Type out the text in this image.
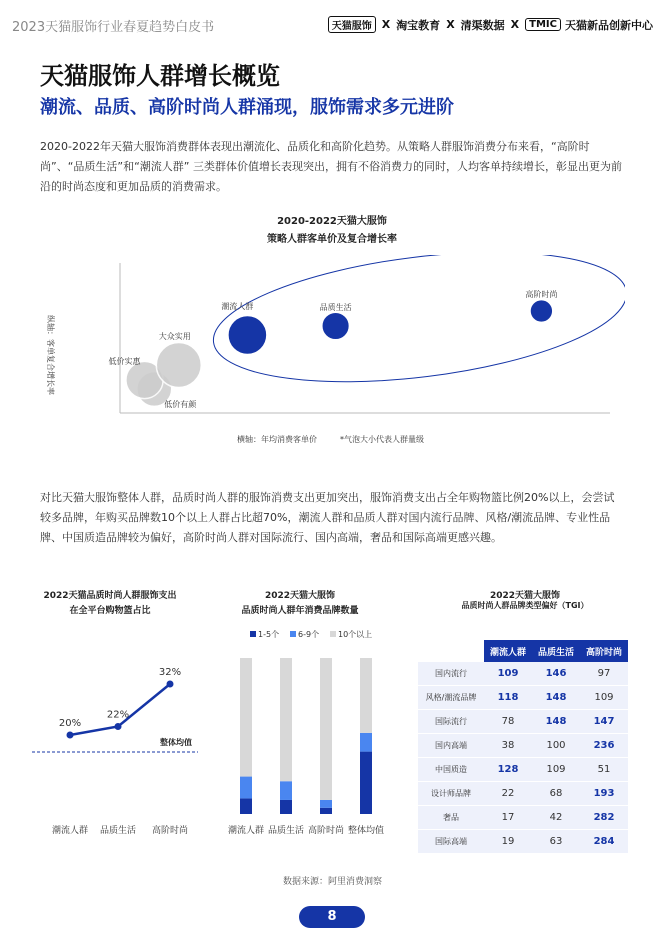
2023天猫服饰行业春夏趋势白皮书	天猫服饰 X 淘宝教育 X 清渠数据 X	TMIC 天猫新品创新中心
天猫服饰人群增长概览
潮流、品质、高阶时尚人群涌现，服饰需求多元进阶
2020-2022年天猫大服饰消费群体表现出潮流化、品质化和高阶化趋势。从策略人群服饰消费分布来看，“高阶时尚”、“品质生活”和“潮流人群” 三类群体价值增长表现突出，拥有不俗消费力的同时，人均客单持续增长，彰显出更为前沿的时尚态度和更加品质的消费需求。
2020-2022天猫大服饰
策略人群客单价及复合增长率
纵轴：客单复合增长率
低价有颜
低价实惠
大众实用
高阶时尚
品质生活
潮流人群
横轴：年均消费客单价	*气泡大小代表人群量级
对比天猫大服饰整体人群，品质时尚人群的服饰消费支出更加突出，服饰消费支出占全年购物篮比例20%以上，会尝试较多品牌，年购买品牌数10个以上人群占比超70%，潮流人群和品质人群对国内流行品牌、风格/潮流品牌、专业性品牌、中国质造品牌较为偏好，高阶时尚人群对国际流行、国内高端，奢品和国际高端更感兴趣。
2022天猫品质时尚人群服饰支出
在全平台购物篮占比
整体均值
20%
潮流人群
22%
品质生活
32%
高阶时尚
2022天猫大服饰
品质时尚人群年消费品牌数量
1-5个 6-9个 10个以上
潮流人群 品质生活 高阶时尚 整体均值
2022天猫大服饰
品质时尚人群品牌类型偏好（TGI）
	潮流人群	品质生活	高阶时尚
国内流行	109	146	97
风格/潮流品牌	118	148	109
国际流行	78	148	147
国内高端	38	100	236
中国质造	128	109	51
设计师品牌	22	68	193
奢品	17	42	282
国际高端	19	63	284
数据来源：阿里消费洞察
8
